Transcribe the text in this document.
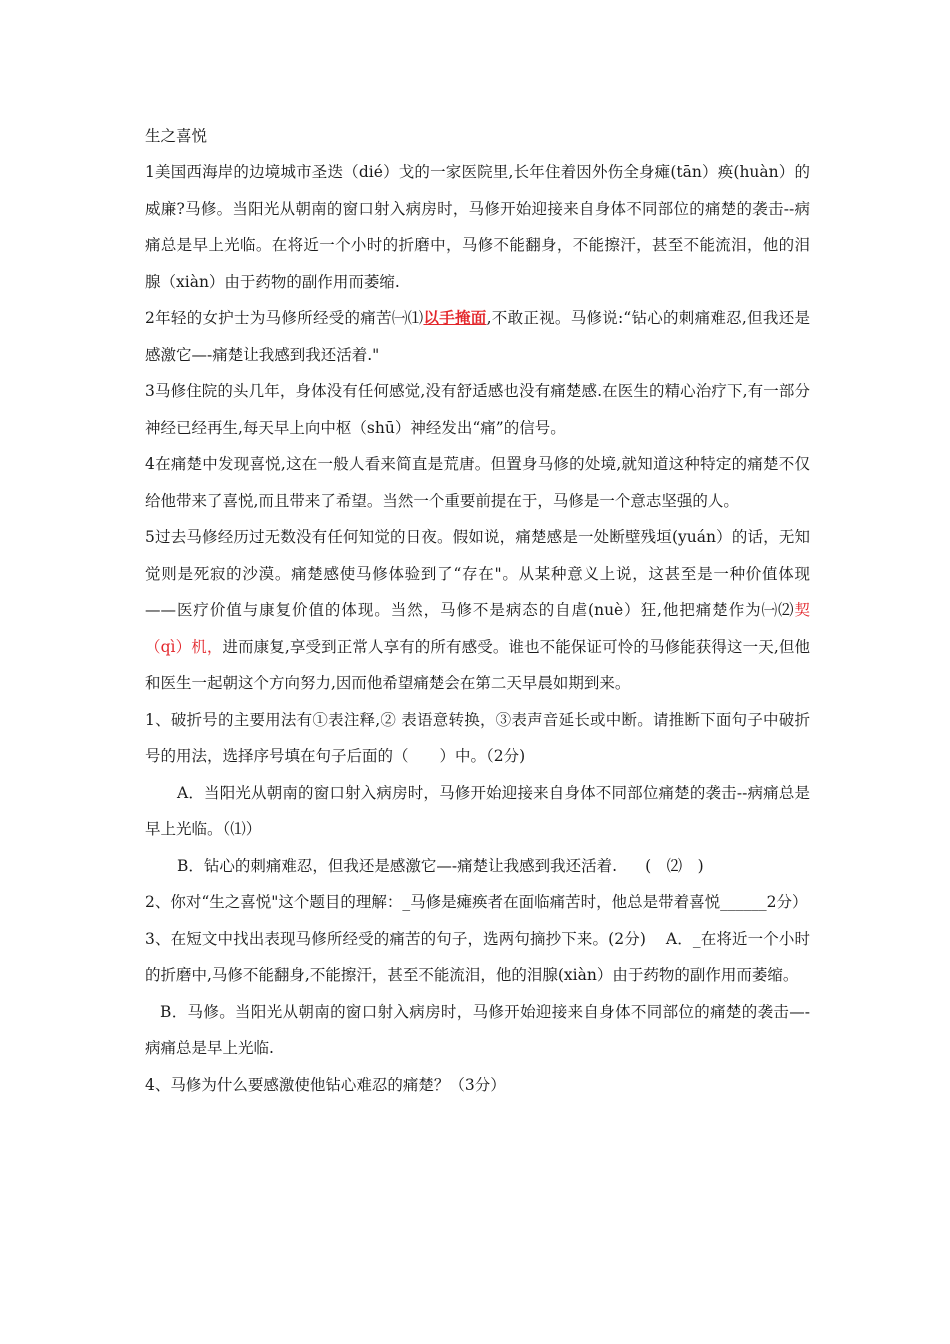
生之喜悦

1美国西海岸的边境城市圣迭（dié）戈的一家医院里,长年住着因外伤全身瘫(tān）痪(huàn）的威廉?马修。当阳光从朝南的窗口射入病房时，马修开始迎接来自身体不同部位的痛楚的袭击--病痛总是早上光临。在将近一个小时的折磨中，马修不能翻身，不能擦汗，甚至不能流泪，他的泪腺（xiàn）由于药物的副作用而萎缩.

2年轻的女护士为马修所经受的痛苦㈠⑴以手掩面,不敢正视。马修说:“钻心的刺痛难忍,但我还是感激它—-痛楚让我感到我还活着."

3马修住院的头几年，身体没有任何感觉,没有舒适感也没有痛楚感.在医生的精心治疗下,有一部分神经已经再生,每天早上向中枢（shū）神经发出“痛”的信号。

4在痛楚中发现喜悦,这在一般人看来简直是荒唐。但置身马修的处境,就知道这种特定的痛楚不仅给他带来了喜悦,而且带来了希望。当然一个重要前提在于，马修是一个意志坚强的人。

5过去马修经历过无数没有任何知觉的日夜。假如说，痛楚感是一处断壁残垣(yuán）的话，无知觉则是死寂的沙漠。痛楚感使马修体验到了“存在"。从某种意义上说，这甚至是一种价值体现——医疗价值与康复价值的体现。当然，马修不是病态的自虐(nuè）狂,他把痛楚作为㈠⑵契（qì）机，进而康复,享受到正常人享有的所有感受。谁也不能保证可怜的马修能获得这一天,但他和医生一起朝这个方向努力,因而他希望痛楚会在第二天早晨如期到来。

1、破折号的主要用法有①表注释,② 表语意转换，③表声音延长或中断。请推断下面句子中破折号的用法，选择序号填在句子后面的（　　）中。（2分)

A．当阳光从朝南的窗口射入病房时，马修开始迎接来自身体不同部位痛楚的袭击--病痛总是早上光临。（⑴）

B．钻心的刺痛难忍，但我还是感激它—-痛楚让我感到我还活着. (　⑵　)

2、你对“生之喜悦"这个题目的理解：_马修是瘫痪者在面临痛苦时，他总是带着喜悦______2分）

3、在短文中找出表现马修所经受的痛苦的句子，选两句摘抄下来。(2分) A．_在将近一个小时的折磨中,马修不能翻身,不能擦汗，甚至不能流泪，他的泪腺(xiàn）由于药物的副作用而萎缩。

B．马修。当阳光从朝南的窗口射入病房时，马修开始迎接来自身体不同部位的痛楚的袭击—-病痛总是早上光临.

4、马修为什么要感激使他钻心难忍的痛楚？（3分）
